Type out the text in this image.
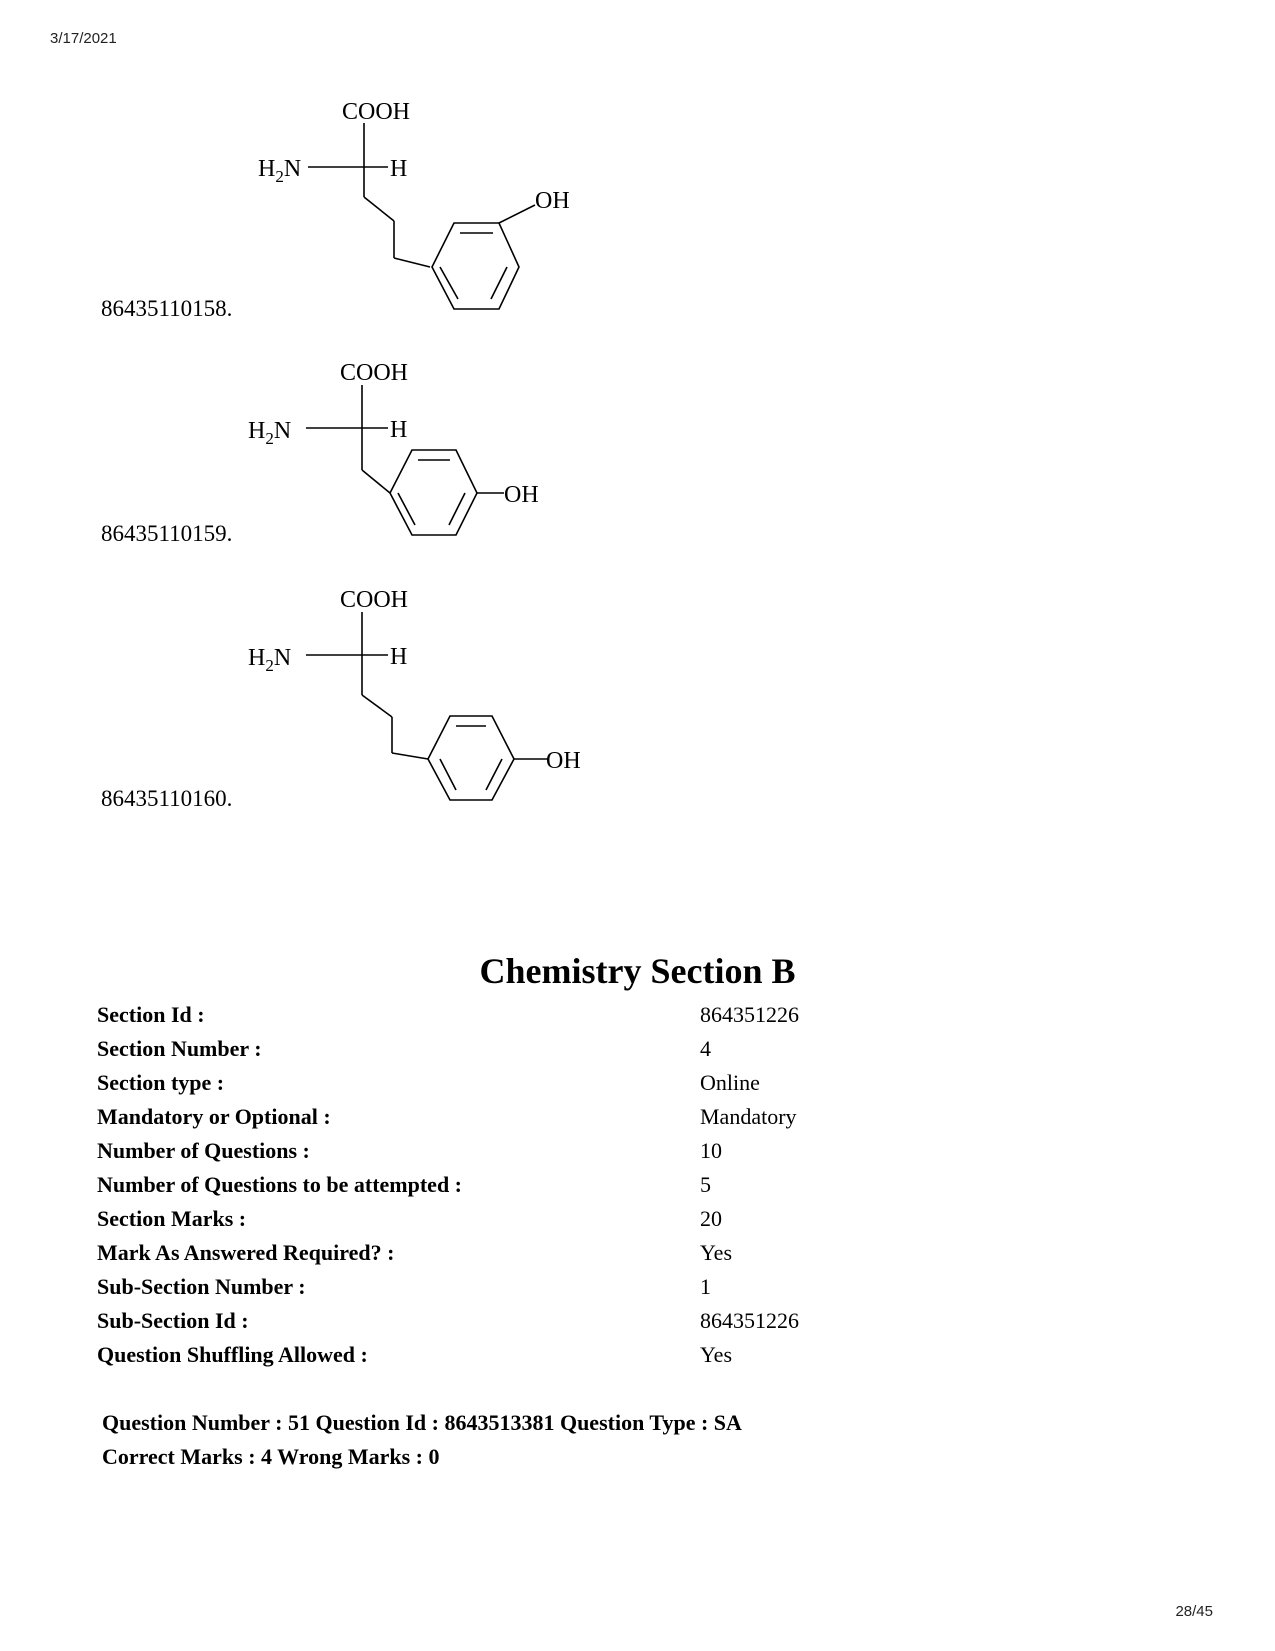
3/17/2021
COOH
$H_2N$	H
OH
86435110158.
COOH
$H_2N$	H
OH
86435110159.
COOH
$H_2N$	H
OH
86435110160.
Chemistry Section B
Section Id :	864351226
Section Number :	4
Section type :	Online
Mandatory or Optional :	Mandatory
Number of Questions :	10
Number of Questions to be attempted :	5
Section Marks :	20
Mark As Answered Required? :	Yes
Sub-Section Number :	1
Sub-Section Id :	864351226
Question Shuffling Allowed :	Yes
Question Number : 51 Question Id : 8643513381 Question Type : SA
Correct Marks : 4 Wrong Marks : 0
28/45
